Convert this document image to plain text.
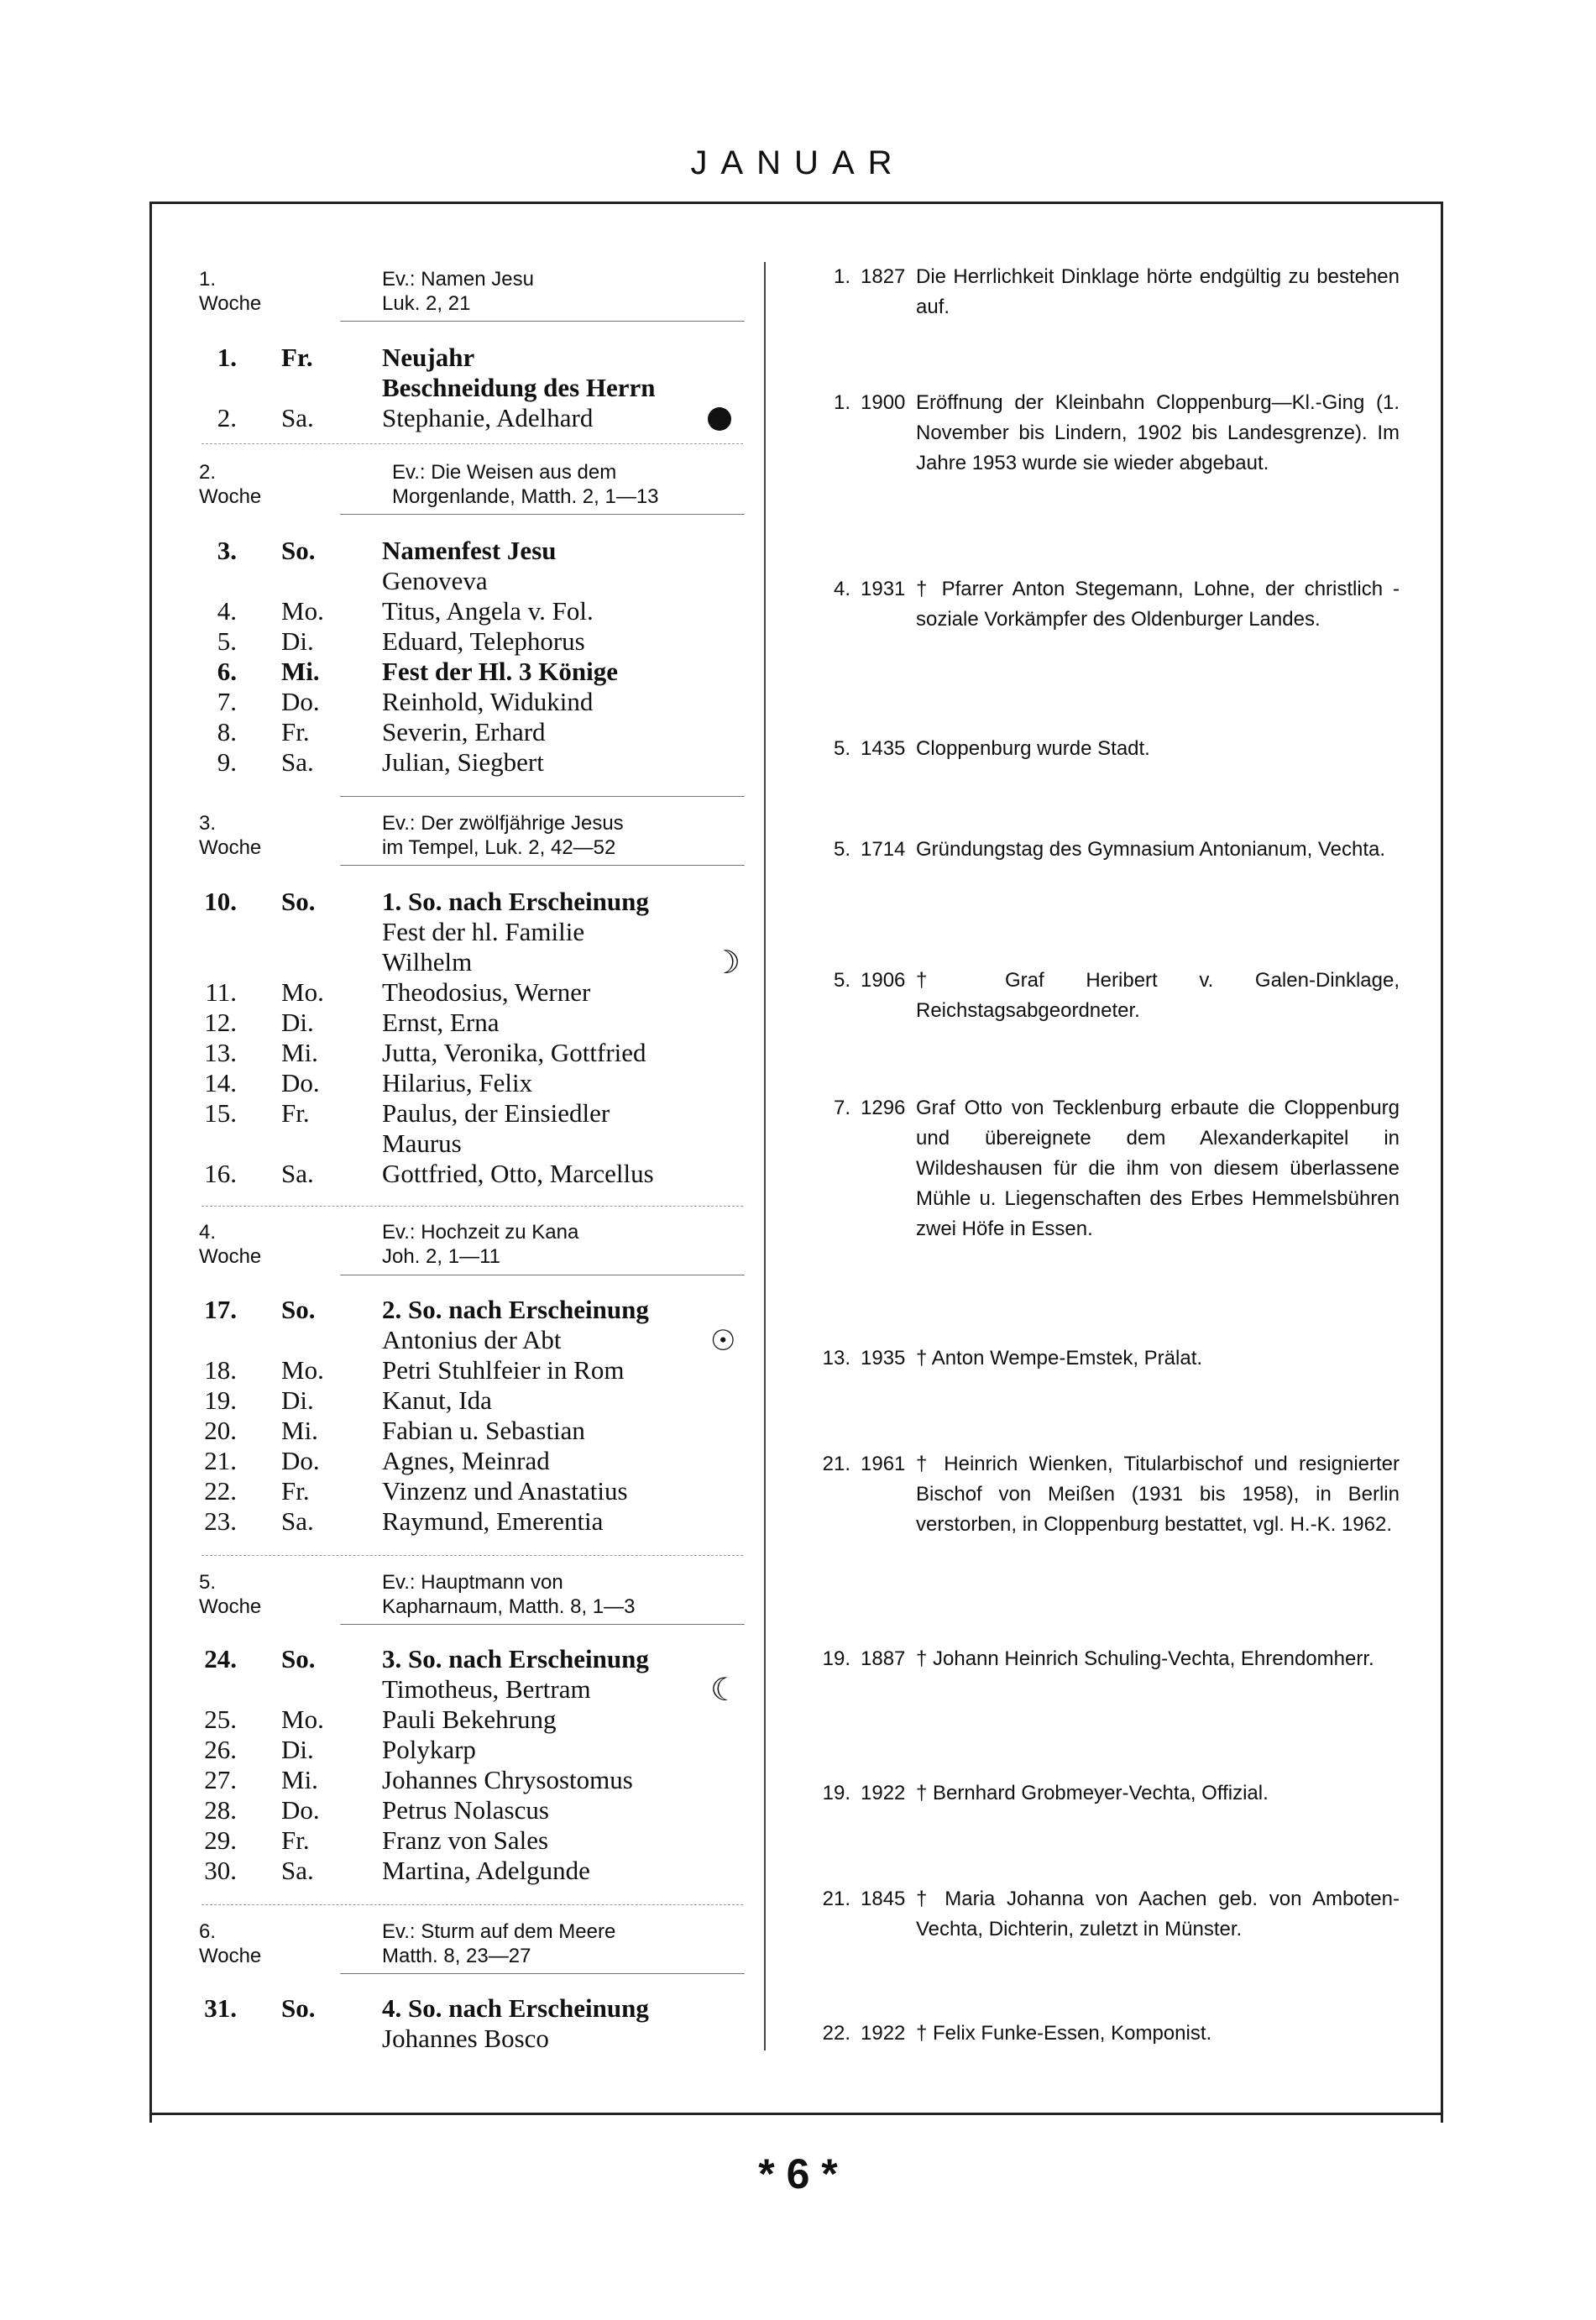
JANUAR
1. Woche
Ev.: Namen Jesu
Luk. 2, 21
1. Fr.	Neujahr
Beschneidung des Herrn
2. Sa.	Stephanie, Adelhard
2. Woche
Ev.: Die Weisen aus dem
Morgenlande, Matth. 2, 1—13
3. So.	Namenfest Jesu
Genoveva
4. Mo. Titus, Angela v. Fol.
5. Di.	Eduard, Telephorus
6. Mi. Fest der Hl. 3 Könige
7. Do. Reinhold, Widukind
8. Fr.	Severin, Erhard
9. Sa.	Julian, Siegbert
3. Woche
Ev.: Der zwölfjährige Jesus
im Tempel, Luk. 2, 42—52
10. So.	1. So. nach Erscheinung
Fest der hl. Familie
Wilhelm	☽
11. Mo. Theodosius, Werner
12. Di.	Ernst, Erna
13. Mi. Jutta, Veronika, Gottfried
14. Do. Hilarius, Felix
15. Fr.	Paulus, der Einsiedler
Maurus
16. Sa.	Gottfried, Otto, Marcellus
4. Woche
Ev.: Hochzeit zu Kana
Joh. 2, 1—11
17. So.	2. So. nach Erscheinung
Antonius der Abt	☉
18. Mo. Petri Stuhlfeier in Rom
19. Di.	Kanut, Ida
20. Mi. Fabian u. Sebastian
21. Do. Agnes, Meinrad
22. Fr.	Vinzenz und Anastatius
23. Sa.	Raymund, Emerentia
5. Woche
Ev.: Hauptmann von
Kapharnaum, Matth. 8, 1—3
24. So.	3. So. nach Erscheinung
Timotheus, Bertram	☾
25. Mo. Pauli Bekehrung
26. Di.	Polykarp
27. Mi. Johannes Chrysostomus
28. Do. Petrus Nolascus
29. Fr.	Franz von Sales
30. Sa.	Martina, Adelgunde
6. Woche
Ev.: Sturm auf dem Meere
Matth. 8, 23—27
31. So.	4. So. nach Erscheinung
Johannes Bosco
1. 1827 Die Herrlichkeit Dinklage hörte endgültig zu bestehen auf.
1. 1900 Eröffnung der Kleinbahn Cloppenburg—Kl.-Ging (1. November bis Lindern, 1902 bis Landesgrenze). Im Jahre 1953 wurde sie wieder abgebaut.
4. 1931 † Pfarrer Anton Stegemann, Lohne, der christlich - soziale Vorkämpfer des Oldenburger Landes.
5. 1435 Cloppenburg wurde Stadt.
5. 1714 Gründungstag des Gymnasium Antonianum, Vechta.
5. 1906 † Graf Heribert v. Galen-Dinklage, Reichstagsabgeordneter.
7. 1296 Graf Otto von Tecklenburg erbaute die Cloppenburg und übereignete dem Alexanderkapitel in Wildeshausen für die ihm von diesem überlassene Mühle u. Liegenschaften des Erbes Hemmelsbühren zwei Höfe in Essen.
13. 1935 † Anton Wempe-Emstek, Prälat.
21. 1961 † Heinrich Wienken, Titularbischof und resignierter Bischof von Meißen (1931 bis 1958), in Berlin verstorben, in Cloppenburg bestattet, vgl. H.-K. 1962.
19. 1887 † Johann Heinrich Schuling-Vechta, Ehrendomherr.
19. 1922 † Bernhard Grobmeyer-Vechta, Offizial.
21. 1845 † Maria Johanna von Aachen geb. von Amboten-Vechta, Dichterin, zuletzt in Münster.
22. 1922 † Felix Funke-Essen, Komponist.
* 6 *
